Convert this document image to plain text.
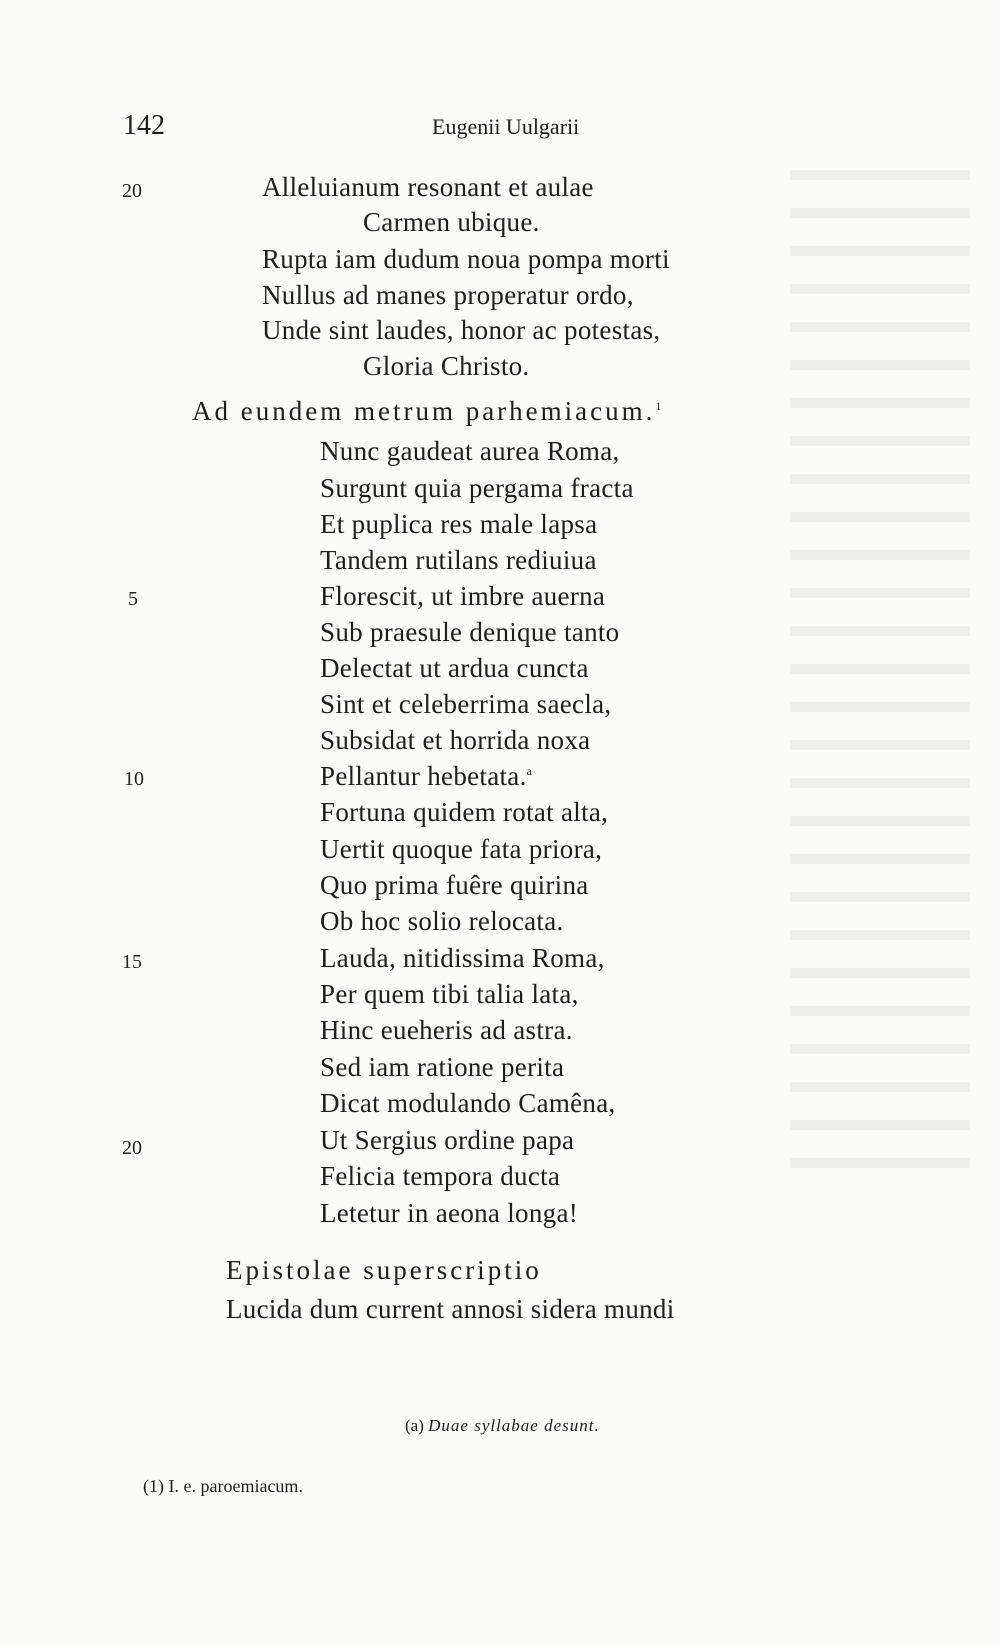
142	Eugenii Uulgarii
20	Alleluianum resonant et aulae
Carmen ubique.
Rupta iam dudum noua pompa morti
Nullus ad manes properatur ordo,
Unde sint laudes, honor ac potestas,
Gloria Christo.
Ad eundem metrum parhemiacum.$^1$
5
10
15
20
Nunc gaudeat aurea Roma,
Surgunt quia pergama fracta
Et puplica res male lapsa
Tandem rutilans rediuiua
Florescit, ut imbre auerna
Sub praesule denique tanto
Delectat ut ardua cuncta
Sint et celeberrima saecla,
Subsidat et horrida noxa
Pellantur hebetata.$^a$
Fortuna quidem rotat alta,
Uertit quoque fata priora,
Quo prima fuêre quirina
Ob hoc solio relocata.
Lauda, nitidissima Roma,
Per quem tibi talia lata,
Hinc eueheris ad astra.
Sed iam ratione perita
Dicat modulando Camêna,
Ut Sergius ordine papa
Felicia tempora ducta
Letetur in aeona longa!
Epistolae superscriptio
Lucida dum current annosi sidera mundi
(a) Duae syllabae desunt.
(1) I. e. paroemiacum.
